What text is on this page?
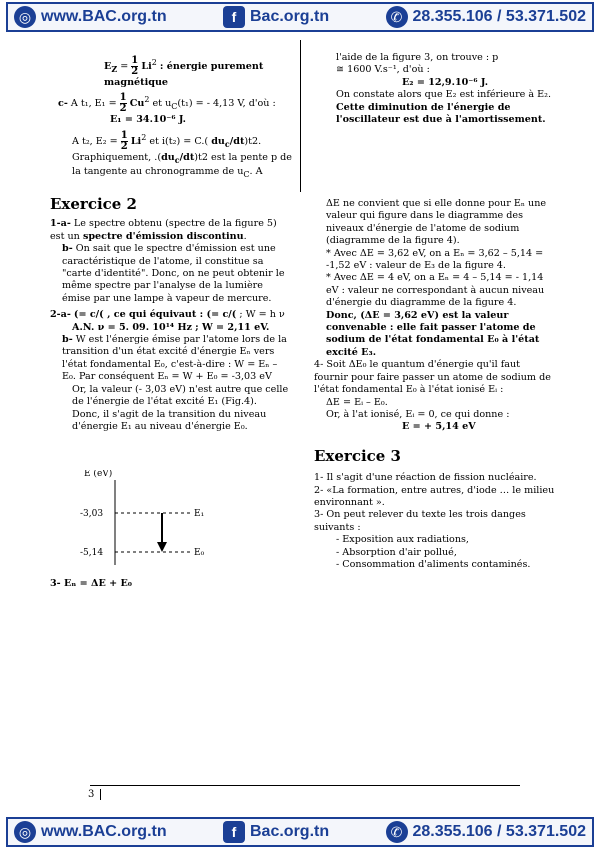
◎ www.BAC.org.tn	f Bac.org.tn	✆ 28.355.106 / 53.371.502

$E_Z = \frac{1}{2} Li^2$ : énergie purement magnétique

c- A t₁, $E_1 = \frac{1}{2} Cu^2$ et $u_C(t_1)$ = - 4,13 V, d'où :

E₁ = 34.10⁻⁶ J.

A t₂, $E_2 = \frac{1}{2} Li^2$ et i(t₂) = C.( $du_c/dt)t2$.

Graphiquement, $.(du_c/dt)t2$ est la pente p de la tangente au chronogramme de $u_C$. A

l'aide de la figure 3, on trouve : p

≅ 1600 V.s⁻¹, d'où :

E₂ = 12,9.10⁻⁶ J.

On constate alors que E₂ est inférieure à E₂.

Cette diminution de l'énergie de l'oscillateur est due à l'amortissement.

Exercice 2

1-a- Le spectre obtenu (spectre de la figure 5) est un spectre d'émission discontinu.

b- On sait que le spectre d'émission est une caractéristique de l'atome, il constitue sa "carte d'identité". Donc, on ne peut obtenir le même spectre par l'analyse de la lumière émise par une lampe à vapeur de mercure.

2-a- (= c/( , ce qui équivaut : (= c/( ; W = h ν

A.N. ν = 5. 09. 10¹⁴ Hz ; W = 2,11 eV.

b- W est l'énergie émise par l'atome lors de la transition d'un état excité d'énergie Eₙ vers l'état fondamental E₀, c'est-à-dire : W = Eₙ – E₀. Par conséquent Eₙ = W + E₀ = -3,03 eV

Or, la valeur (- 3,03 eV) n'est autre que celle de l'énergie de l'état excité E₁ (Fig.4).

Donc, il s'agit de la transition du niveau d'énergie E₁ au niveau d'énergie E₀.

E (eV)
-3,03
-5,14
E₁
E₀

3- Eₙ = ΔE + E₀

ΔE ne convient que si elle donne pour Eₙ une valeur qui figure dans le diagramme des niveaux d'énergie de l'atome de sodium (diagramme de la figure 4).

* Avec ΔE = 3,62 eV, on a Eₙ = 3,62 – 5,14 = -1,52 eV : valeur de E₃ de la figure 4.

* Avec ΔE = 4 eV, on a Eₙ = 4 – 5,14 = - 1,14 eV : valeur ne correspondant à aucun niveau d'énergie du diagramme de la figure 4.

Donc, (ΔE = 3,62 eV) est la valeur convenable : elle fait passer l'atome de sodium de l'état fondamental E₀ à l'état excité E₃.

4- Soit ΔE₀ le quantum d'énergie qu'il faut fournir pour faire passer un atome de sodium de l'état fondamental E₀ à l'état ionisé Eᵢ :

ΔE = Eᵢ – E₀.

Or, à l'at ionisé, Eᵢ = 0, ce qui donne :

E = + 5,14 eV

Exercice 3

1- Il s'agit d'une réaction de fission nucléaire.

2- «La formation, entre autres, d'iode … le milieu environnant ».

3- On peut relever du texte les trois danges suivants :

- Exposition aux radiations,

- Absorption d'air pollué,

- Consommation d'aliments contaminés.

3
◎ www.BAC.org.tn	f Bac.org.tn	✆ 28.355.106 / 53.371.502
